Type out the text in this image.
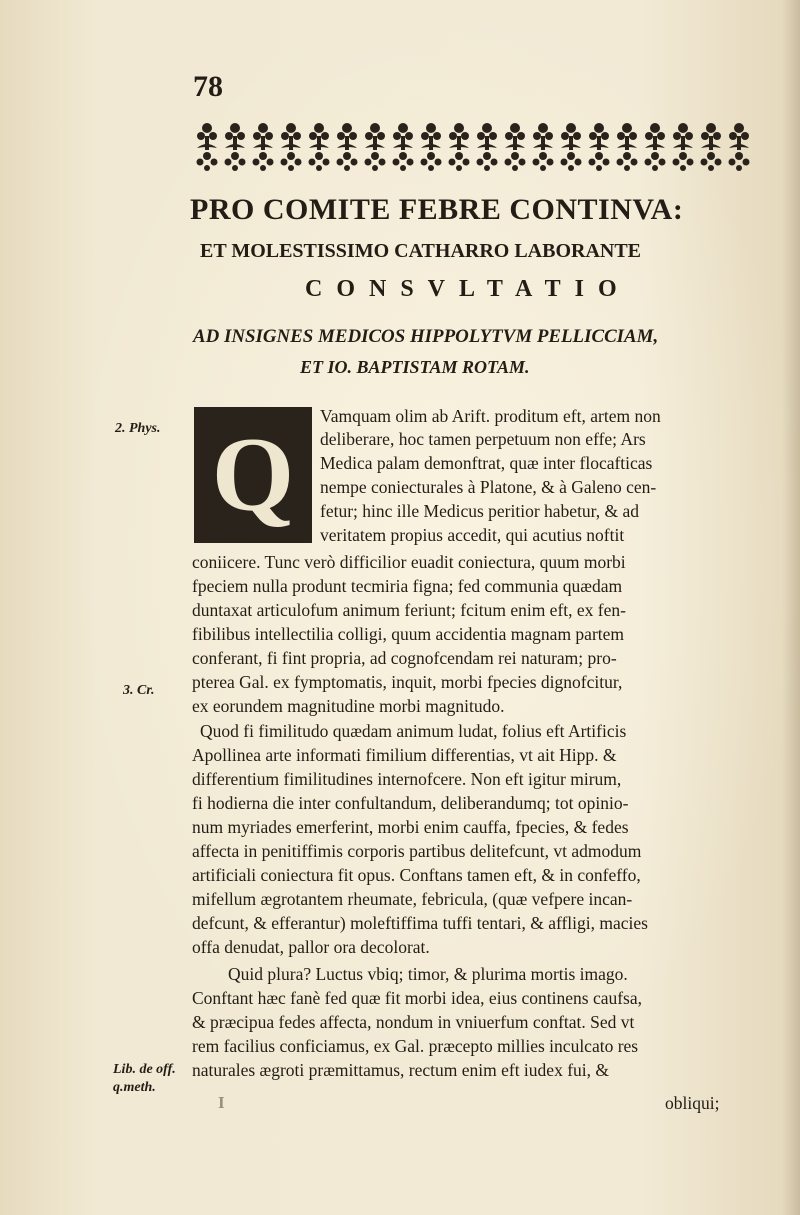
78
PRO COMITE FEBRE CONTINVA:
ET MOLESTISSIMO CATHARRO LABORANTE
CONSVLTATIO
AD INSIGNES MEDICOS HIPPOLYTVM PELLICCIAM,
ET IO. BAPTISTAM ROTAM.
Q
2. Phys.
3. Cr.
Lib. de off.
q.meth.
Vamquam olim ab Arift. proditum eft, artem non
deliberare, hoc tamen perpetuum non effe; Ars
Medica palam demonftrat, quæ inter flocafticas
nempe coniecturales à Platone, & à Galeno cen-
fetur; hinc ille Medicus peritior habetur, & ad
veritatem propius accedit, qui acutius noftit
coniicere. Tunc verò difficilior euadit coniectura, quum morbi
fpeciem nulla produnt tecmiria figna; fed communia quædam
duntaxat articulofum animum feriunt; fcitum enim eft, ex fen-
fibilibus intellectilia colligi, quum accidentia magnam partem
conferant, fi fint propria, ad cognofcendam rei naturam; pro-
pterea Gal. ex fymptomatis, inquit, morbi fpecies dignofcitur,
ex eorundem magnitudine morbi magnitudo.
Quod fi fimilitudo quædam animum ludat, folius eft Artificis
Apollinea arte informati fimilium differentias, vt ait Hipp. &
differentium fimilitudines internofcere. Non eft igitur mirum,
fi hodierna die inter confultandum, deliberandumq; tot opinio-
num myriades emerferint, morbi enim cauffa, fpecies, & fedes
affecta in penitiffimis corporis partibus delitefcunt, vt admodum
artificiali coniectura fit opus. Conftans tamen eft, & in confeffo,
mifellum ægrotantem rheumate, febricula, (quæ vefpere incan-
defcunt, & efferantur) moleftiffima tuffi tentari, & affligi, macies
offa denudat, pallor ora decolorat.
Quid plura? Luctus vbiq; timor, & plurima mortis imago.
Conftant hæc fanè fed quæ fit morbi idea, eius continens caufsa,
& præcipua fedes affecta, nondum in vniuerfum conftat. Sed vt
rem facilius conficiamus, ex Gal. præcepto millies inculcato res
naturales ægroti præmittamus, rectum enim eft iudex fui, &
I	obliqui;
